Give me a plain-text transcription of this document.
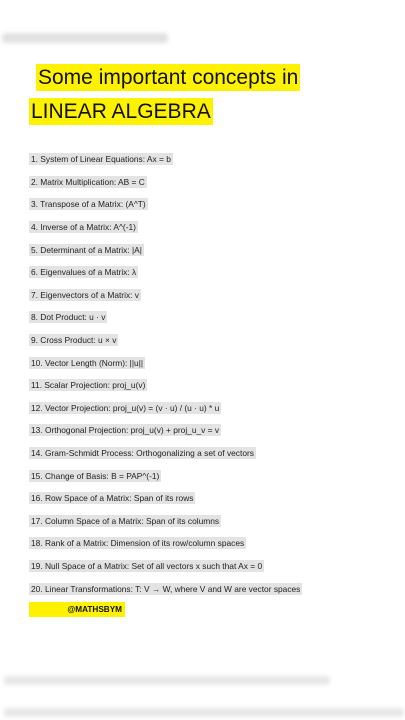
Some important concepts in
LINEAR ALGEBRA
1. System of Linear Equations: Ax = b
2. Matrix Multiplication: AB = C
3. Transpose of a Matrix: (A^T)
4. Inverse of a Matrix: A^(-1)
5. Determinant of a Matrix: |A|
6. Eigenvalues of a Matrix: λ
7. Eigenvectors of a Matrix: v
8. Dot Product: u · v
9. Cross Product: u × v
10. Vector Length (Norm): ||u||
11. Scalar Projection: proj_u(v)
12. Vector Projection: proj_u(v) = (v · u) / (u · u) * u
13. Orthogonal Projection: proj_u(v) + proj_u_v = v
14. Gram-Schmidt Process: Orthogonalizing a set of vectors
15. Change of Basis: B = PAP^(-1)
16. Row Space of a Matrix: Span of its rows
17. Column Space of a Matrix: Span of its columns
18. Rank of a Matrix: Dimension of its row/column spaces
19. Null Space of a Matrix: Set of all vectors x such that Ax = 0
20. Linear Transformations: T: V → W, where V and W are vector spaces
@MATHSBYM
